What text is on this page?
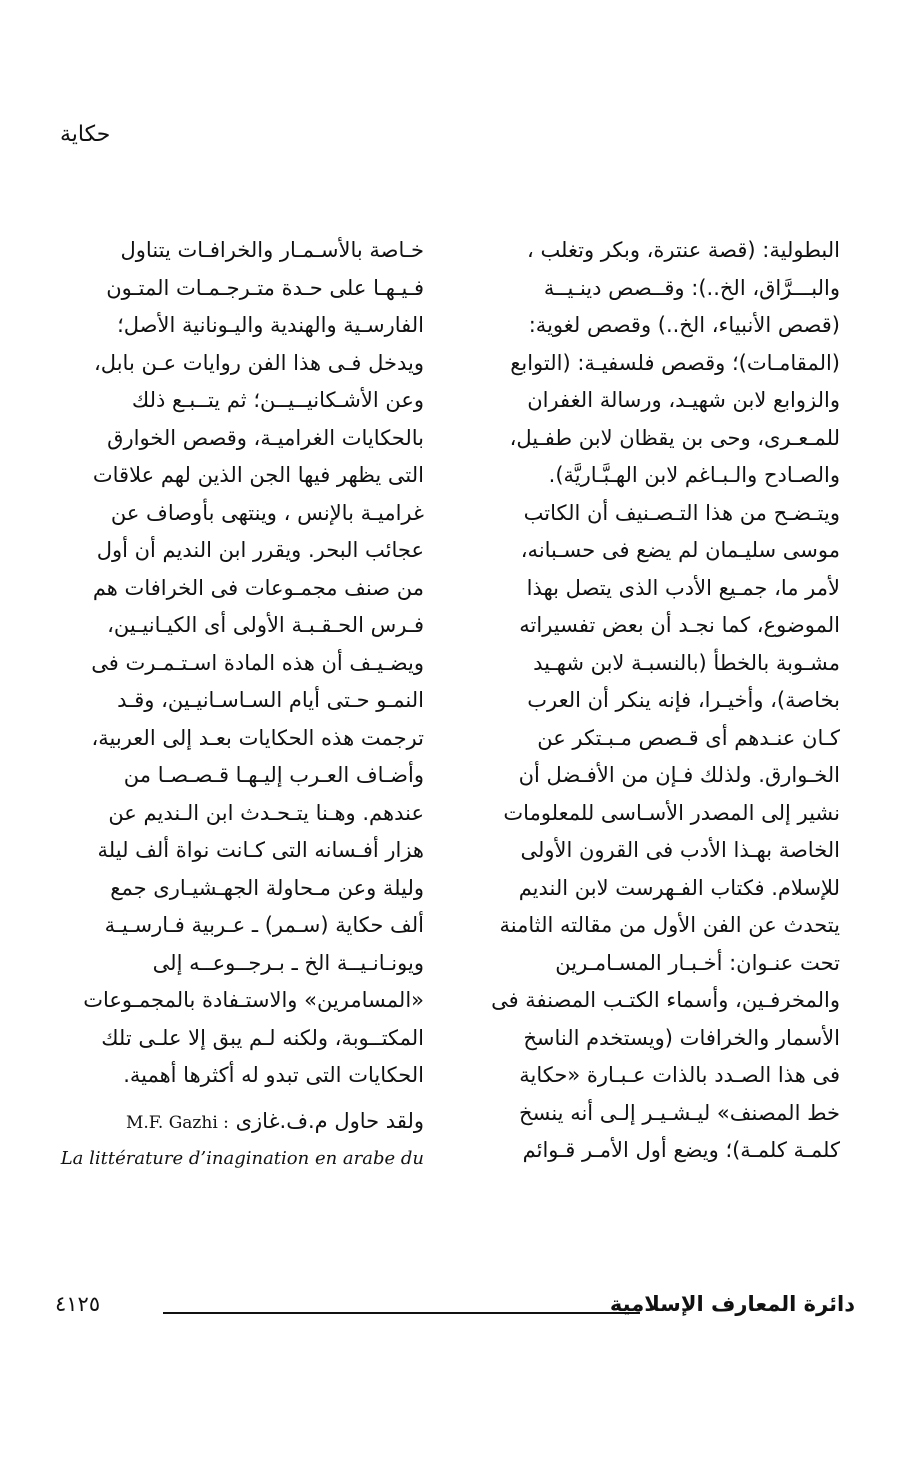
حكاية
البطولية: (قصة عنترة، وبكر وتغلب ،
والبـــرَّاق، الخ..): وقــصص دينـيــة
(قصص الأنبياء، الخ..) وقصص لغوية:
(المقامـات)؛ وقصص فلسفيـة: (التوابع
والزوابع لابن شهيـد، ورسالة الغفران
للمـعـرى، وحى بن يقظان لابن طفـيل،
والصـادح والـبـاغم لابن الهـبَّـاريَّة).
ويتـضـح من هذا التـصـنيف أن الكاتب
موسى سليـمان لم يضع فى حسـبانه،
لأمر ما، جمـيع الأدب الذى يتصل بهذا
الموضوع، كما نجـد أن بعض تفسيراته
مشـوبة بالخطأ (بالنسبـة لابن شهـيد
بخاصة)، وأخيـرا، فإنه ينكر أن العرب
كـان عنـدهم أى قـصص مـبـتكر عن
الخـوارق. ولذلك فـإن من الأفـضل أن
نشير إلى المصدر الأسـاسى للمعلومات
الخاصة بهـذا الأدب فى القرون الأولى
للإسلام. فكتاب الفـهرست لابن النديم
يتحدث عن الفن الأول من مقالته الثامنة
تحت عنـوان: أخـبـار المسـامـرين
والمخرفـين، وأسماء الكتـب المصنفة فى
الأسمار والخرافات (ويستخدم الناسخ
فى هذا الصـدد بالذات عـبـارة «حكاية
خط المصنف» ليـشـيـر إلـى أنه ينسخ
كلمـة كلمـة)؛ ويضع أول الأمـر قـوائم
خـاصة بالأسـمـار والخرافـات يتناول
فـيـهـا على حـدة متـرجـمـات المتـون
الفارسـية والهندية واليـونانية الأصل؛
ويدخل فـى هذا الفن روايات عـن بابل،
وعن الأشـكانيــيــن؛ ثم يتــبـع ذلك
بالحكايات الغراميـة، وقصص الخوارق
التى يظهر فيها الجن الذين لهم علاقات
غراميـة بالإنس ، وينتهى بأوصاف عن
عجائب البحر. ويقرر ابن النديم أن أول
من صنف مجمـوعات فى الخرافات هم
فـرس الحـقـبـة الأولى أى الكيـانيـين،
ويضـيـف أن هذه المادة اسـتـمـرت فى
النمـو حـتى أيام السـاسـانيـين، وقـد
ترجمت هذه الحكايات بعـد إلى العربية،
وأضـاف العـرب إليـهـا قـصـصـا من
عندهم. وهـنا يتـحـدث ابن الـنديم عن
هزار أفـسانه التى كـانت نواة ألف ليلة
وليلة وعن مـحاولة الجهـشيـارى جمع
ألف حكاية (سـمر) ـ عـربية فـارسـيـة
ويونـانـيــة الخ ـ بـرجــوعــه إلى
«المسامرين» والاستـفادة بالمجمـوعات
المكتــوبة، ولكنه لـم يبق إلا علـى تلك
الحكايات التى تبدو له أكثرها أهمية.
ولقد حاول م.ف.غازى M.F. Gazhi :
La littérature d’inagination en arabe du
٤١٢٥	دائرة المعارف الإسلامية
